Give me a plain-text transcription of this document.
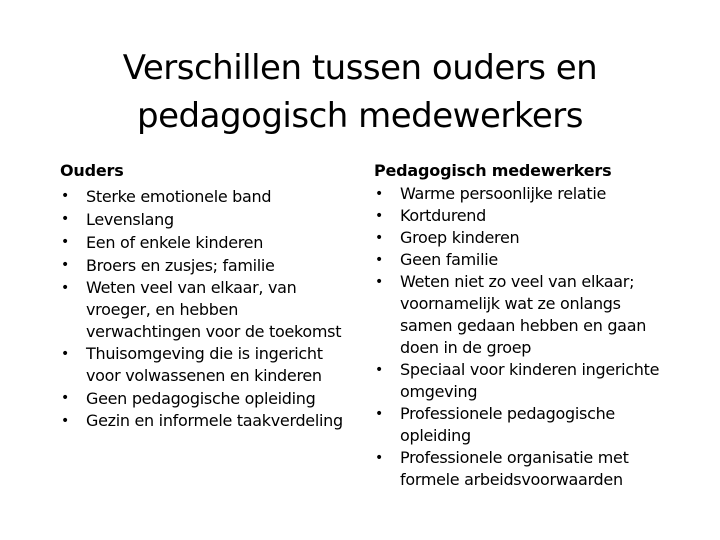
Verschillen tussen ouders en
pedagogisch medewerkers
Ouders
• Sterke emotionele band
• Levenslang
• Een of enkele kinderen
• Broers en zusjes; familie
• Weten veel van elkaar, van vroeger, en hebben verwachtingen voor de toekomst
• Thuisomgeving die is ingericht voor volwassenen en kinderen
• Geen pedagogische opleiding
• Gezin en informele taakverdeling
Pedagogisch medewerkers
• Warme persoonlijke relatie
• Kortdurend
• Groep kinderen
• Geen familie
• Weten niet zo veel van elkaar; voornamelijk wat ze onlangs samen gedaan hebben en gaan doen in de groep
• Speciaal voor kinderen ingerichte omgeving
• Professionele pedagogische opleiding
• Professionele organisatie met formele arbeidsvoorwaarden
